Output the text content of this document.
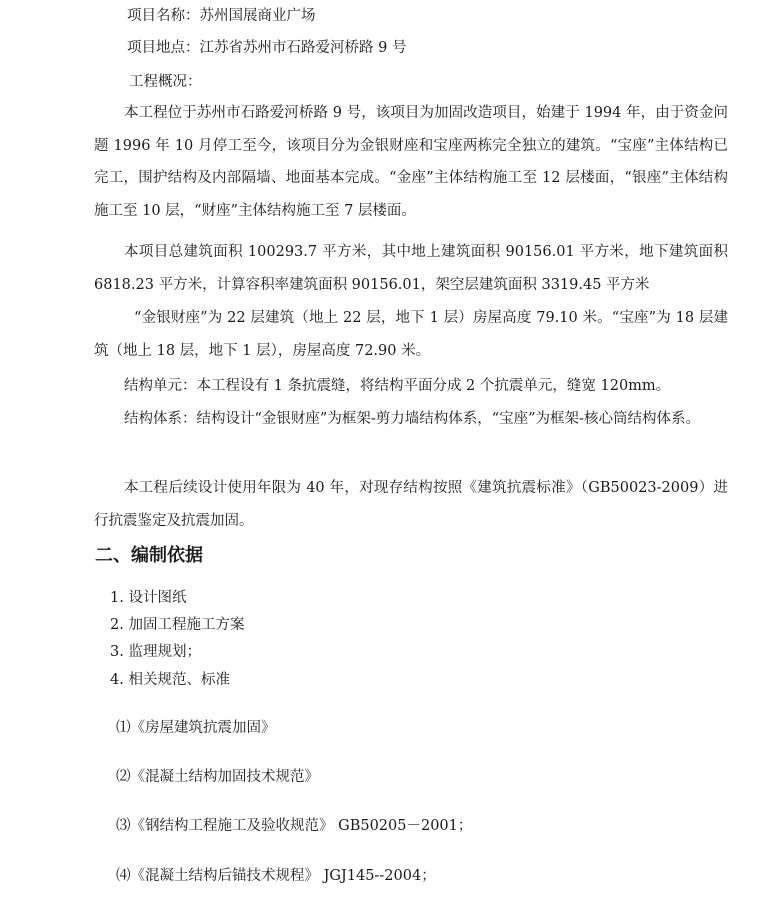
项目名称：苏州国展商业广场
项目地点：江苏省苏州市石路爱河桥路 9 号
工程概况：
本工程位于苏州市石路爱河桥路 9 号，该项目为加固改造项目，始建于 1994 年，由于资金问题 1996 年 10 月停工至今，该项目分为金银财座和宝座两栋完全独立的建筑。“宝座”主体结构已完工，围护结构及内部隔墙、地面基本完成。“金座”主体结构施工至 12 层楼面，“银座”主体结构施工至 10 层，“财座”主体结构施工至 7 层楼面。
本项目总建筑面积 100293.7 平方米，其中地上建筑面积 90156.01 平方米，地下建筑面积 6818.23 平方米，计算容积率建筑面积 90156.01，架空层建筑面积 3319.45 平方米
“金银财座”为 22 层建筑（地上 22 层，地下 1 层）房屋高度 79.10 米。“宝座”为 18 层建筑（地上 18 层，地下 1 层），房屋高度 72.90 米。
结构单元：本工程设有 1 条抗震缝，将结构平面分成 2 个抗震单元，缝宽 120mm。
结构体系：结构设计“金银财座”为框架-剪力墙结构体系，“宝座”为框架-核心筒结构体系。
本工程后续设计使用年限为 40 年，对现存结构按照《建筑抗震标准》（GB50023-2009）进行抗震鉴定及抗震加固。
二、编制依据
1. 设计图纸
2. 加固工程施工方案
3. 监理规划；
4. 相关规范、标准
⑴《房屋建筑抗震加固》
⑵《混凝土结构加固技术规范》
⑶《钢结构工程施工及验收规范》 GB50205－2001；
⑷《混凝土结构后锚技术规程》 JGJ145--2004；
